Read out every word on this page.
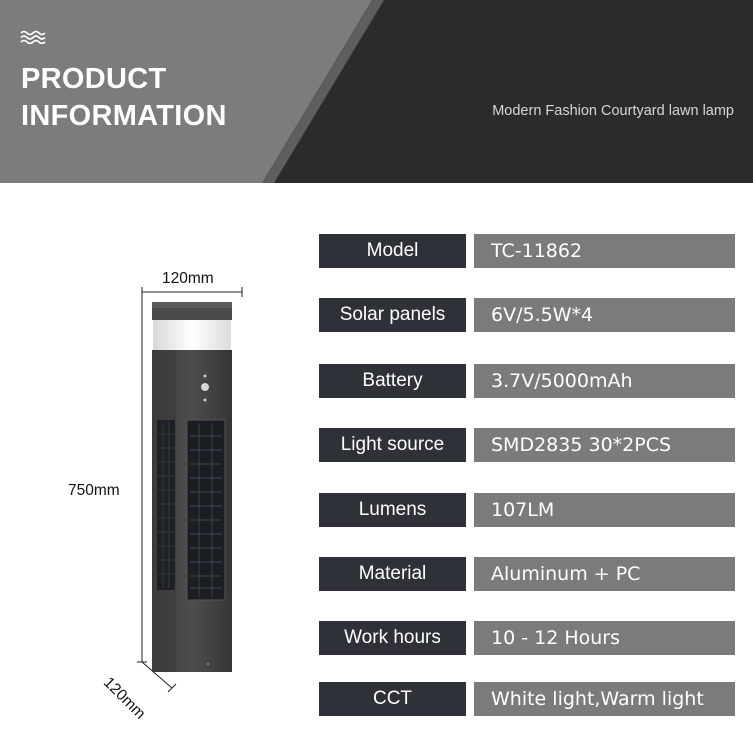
PRODUCT
INFORMATION	Modern Fashion Courtyard lawn lamp
120mm
750mm
120mm
Model	TC-11862
Solar panels	6V/5.5W*4
Battery	3.7V/5000mAh
Light source	SMD2835 30*2PCS
Lumens	107LM
Material	Aluminum + PC
Work hours	10 - 12 Hours
CCT	White light,Warm light
